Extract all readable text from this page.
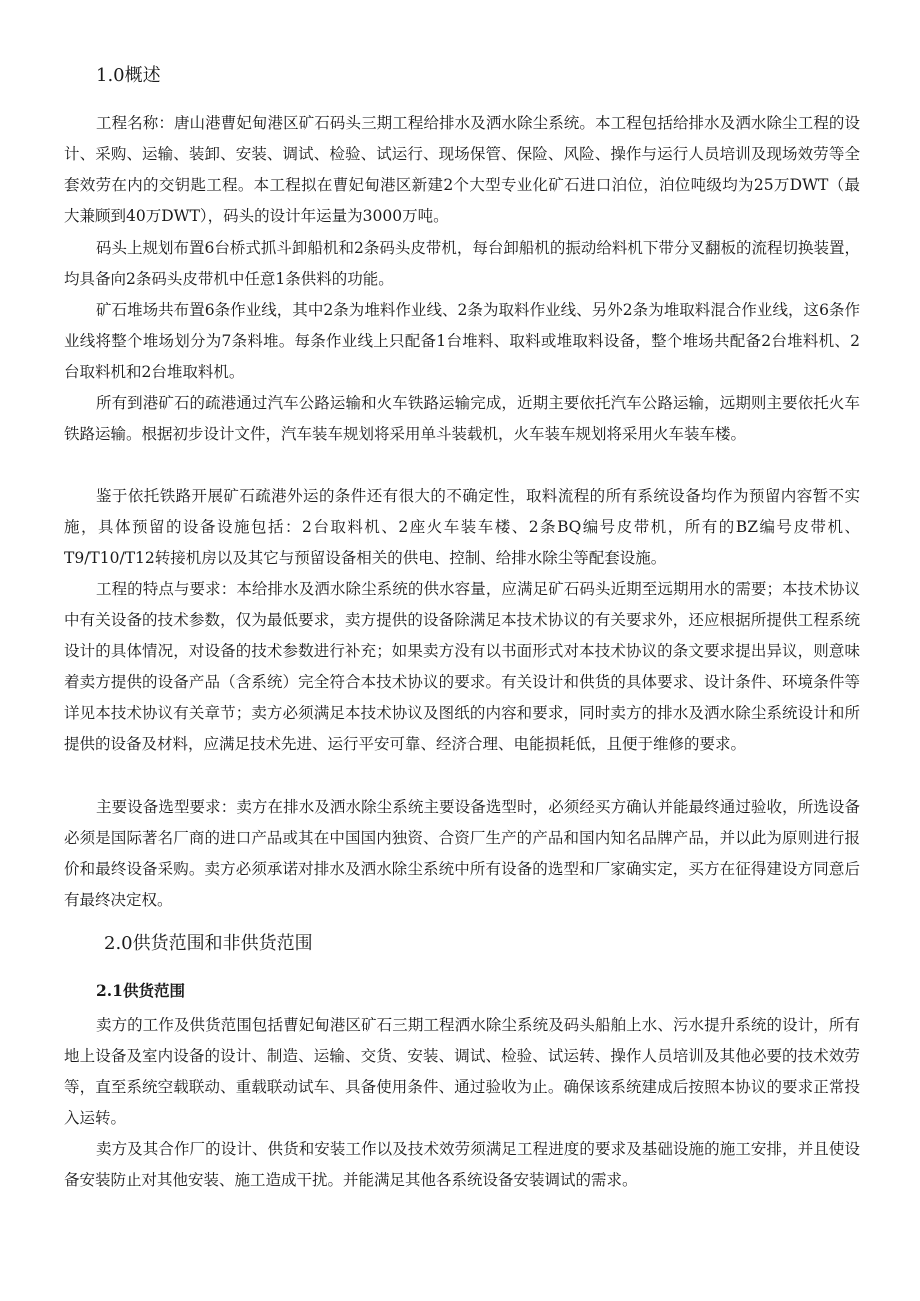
1.0概述
工程名称：唐山港曹妃甸港区矿石码头三期工程给排水及洒水除尘系统。本工程包括给排水及洒水除尘工程的设计、采购、运输、装卸、安装、调试、检验、试运行、现场保管、保险、风险、操作与运行人员培训及现场效劳等全套效劳在内的交钥匙工程。本工程拟在曹妃甸港区新建2个大型专业化矿石进口泊位，泊位吨级均为25万DWT（最大兼顾到40万DWT），码头的设计年运量为3000万吨。
码头上规划布置6台桥式抓斗卸船机和2条码头皮带机，每台卸船机的振动给料机下带分叉翻板的流程切换装置，均具备向2条码头皮带机中任意1条供料的功能。
矿石堆场共布置6条作业线，其中2条为堆料作业线、2条为取料作业线、另外2条为堆取料混合作业线，这6条作业线将整个堆场划分为7条料堆。每条作业线上只配备1台堆料、取料或堆取料设备，整个堆场共配备2台堆料机、2台取料机和2台堆取料机。
所有到港矿石的疏港通过汽车公路运输和火车铁路运输完成，近期主要依托汽车公路运输，远期则主要依托火车铁路运输。根据初步设计文件，汽车装车规划将采用单斗装载机，火车装车规划将采用火车装车楼。
鉴于依托铁路开展矿石疏港外运的条件还有很大的不确定性，取料流程的所有系统设备均作为预留内容暂不实施，具体预留的设备设施包括：2台取料机、2座火车装车楼、2条BQ编号皮带机，所有的BZ编号皮带机、T9/T10/T12转接机房以及其它与预留设备相关的供电、控制、给排水除尘等配套设施。
工程的特点与要求：本给排水及洒水除尘系统的供水容量，应满足矿石码头近期至远期用水的需要；本技术协议中有关设备的技术参数，仅为最低要求，卖方提供的设备除满足本技术协议的有关要求外，还应根据所提供工程系统设计的具体情况，对设备的技术参数进行补充；如果卖方没有以书面形式对本技术协议的条文要求提出异议，则意味着卖方提供的设备产品（含系统）完全符合本技术协议的要求。有关设计和供货的具体要求、设计条件、环境条件等详见本技术协议有关章节；卖方必须满足本技术协议及图纸的内容和要求，同时卖方的排水及洒水除尘系统设计和所提供的设备及材料，应满足技术先进、运行平安可靠、经济合理、电能损耗低，且便于维修的要求。
主要设备选型要求：卖方在排水及洒水除尘系统主要设备选型时，必须经买方确认并能最终通过验收，所选设备必须是国际著名厂商的进口产品或其在中国国内独资、合资厂生产的产品和国内知名品牌产品，并以此为原则进行报价和最终设备采购。卖方必须承诺对排水及洒水除尘系统中所有设备的选型和厂家确实定，买方在征得建设方同意后有最终决定权。
2.0供货范围和非供货范围
2.1供货范围
卖方的工作及供货范围包括曹妃甸港区矿石三期工程洒水除尘系统及码头船舶上水、污水提升系统的设计，所有地上设备及室内设备的设计、制造、运输、交货、安装、调试、检验、试运转、操作人员培训及其他必要的技术效劳等，直至系统空载联动、重载联动试车、具备使用条件、通过验收为止。确保该系统建成后按照本协议的要求正常投入运转。
卖方及其合作厂的设计、供货和安装工作以及技术效劳须满足工程进度的要求及基础设施的施工安排，并且使设备安装防止对其他安装、施工造成干扰。并能满足其他各系统设备安装调试的需求。
